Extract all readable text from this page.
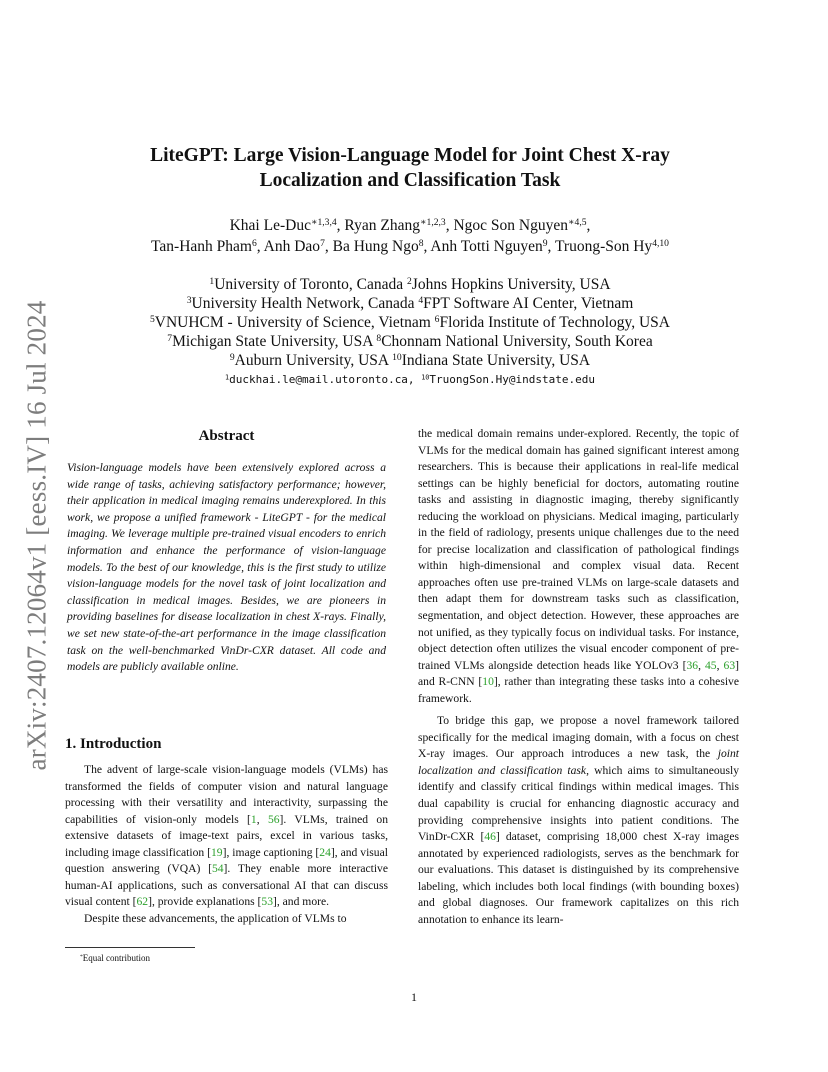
arXiv:2407.12064v1 [eess.IV] 16 Jul 2024
LiteGPT: Large Vision-Language Model for Joint Chest X-ray
Localization and Classification Task
Khai Le-Duc$^{∗1,3,4}$, Ryan Zhang$^{∗1,2,3}$, Ngoc Son Nguyen$^{∗4,5}$,
Tan-Hanh Pham$^6$, Anh Dao$^7$, Ba Hung Ngo$^8$, Anh Totti Nguyen$^9$, Truong-Son Hy$^{4,10}$
$^1$University of Toronto, Canada $^2$Johns Hopkins University, USA
$^3$University Health Network, Canada $^4$FPT Software AI Center, Vietnam
$^5$VNUHCM - University of Science, Vietnam $^6$Florida Institute of Technology, USA
$^7$Michigan State University, USA $^8$Chonnam National University, South Korea
$^9$Auburn University, USA $^{10}$Indiana State University, USA
$^1$duckhai.le@mail.utoronto.ca, $^{10}$TruongSon.Hy@indstate.edu
Abstract

Vision-language models have been extensively explored across a wide range of tasks, achieving satisfactory performance; however, their application in medical imaging remains underexplored. In this work, we propose a unified framework - LiteGPT - for the medical imaging. We leverage multiple pre-trained visual encoders to enrich information and enhance the performance of vision-language models. To the best of our knowledge, this is the first study to utilize vision-language models for the novel task of joint localization and classification in medical images. Besides, we are pioneers in providing baselines for disease localization in chest X-rays. Finally, we set new state-of-the-art performance in the image classification task on the well-benchmarked VinDr-CXR dataset. All code and models are publicly available online.

1. Introduction

The advent of large-scale vision-language models (VLMs) has transformed the fields of computer vision and natural language processing with their versatility and interactivity, surpassing the capabilities of vision-only models [1, 56]. VLMs, trained on extensive datasets of image-text pairs, excel in various tasks, including image classification [19], image captioning [24], and visual question answering (VQA) [54]. They enable more interactive human-AI applications, such as conversational AI that can discuss visual content [62], provide explanations [53], and more.

Despite these advancements, the application of VLMs to

the medical domain remains under-explored. Recently, the topic of VLMs for the medical domain has gained significant interest among researchers. This is because their applications in real-life medical settings can be highly beneficial for doctors, automating routine tasks and assisting in diagnostic imaging, thereby significantly reducing the workload on physicians. Medical imaging, particularly in the field of radiology, presents unique challenges due to the need for precise localization and classification of pathological findings within high-dimensional and complex visual data. Recent approaches often use pre-trained VLMs on large-scale datasets and then adapt them for downstream tasks such as classification, segmentation, and object detection. However, these approaches are not unified, as they typically focus on individual tasks. For instance, object detection often utilizes the visual encoder component of pre-trained VLMs alongside detection heads like YOLOv3 [36, 45, 63] and R-CNN [10], rather than integrating these tasks into a cohesive framework.

To bridge this gap, we propose a novel framework tailored specifically for the medical imaging domain, with a focus on chest X-ray images. Our approach introduces a new task, the joint localization and classification task, which aims to simultaneously identify and classify critical findings within medical images. This dual capability is crucial for enhancing diagnostic accuracy and providing comprehensive insights into patient conditions. The VinDr-CXR [46] dataset, comprising 18,000 chest X-ray images annotated by experienced radiologists, serves as the benchmark for our evaluations. This dataset is distinguished by its comprehensive labeling, which includes both local findings (with bounding boxes) and global diagnoses. Our framework capitalizes on this rich annotation to enhance its learn-

*Equal contribution
1
